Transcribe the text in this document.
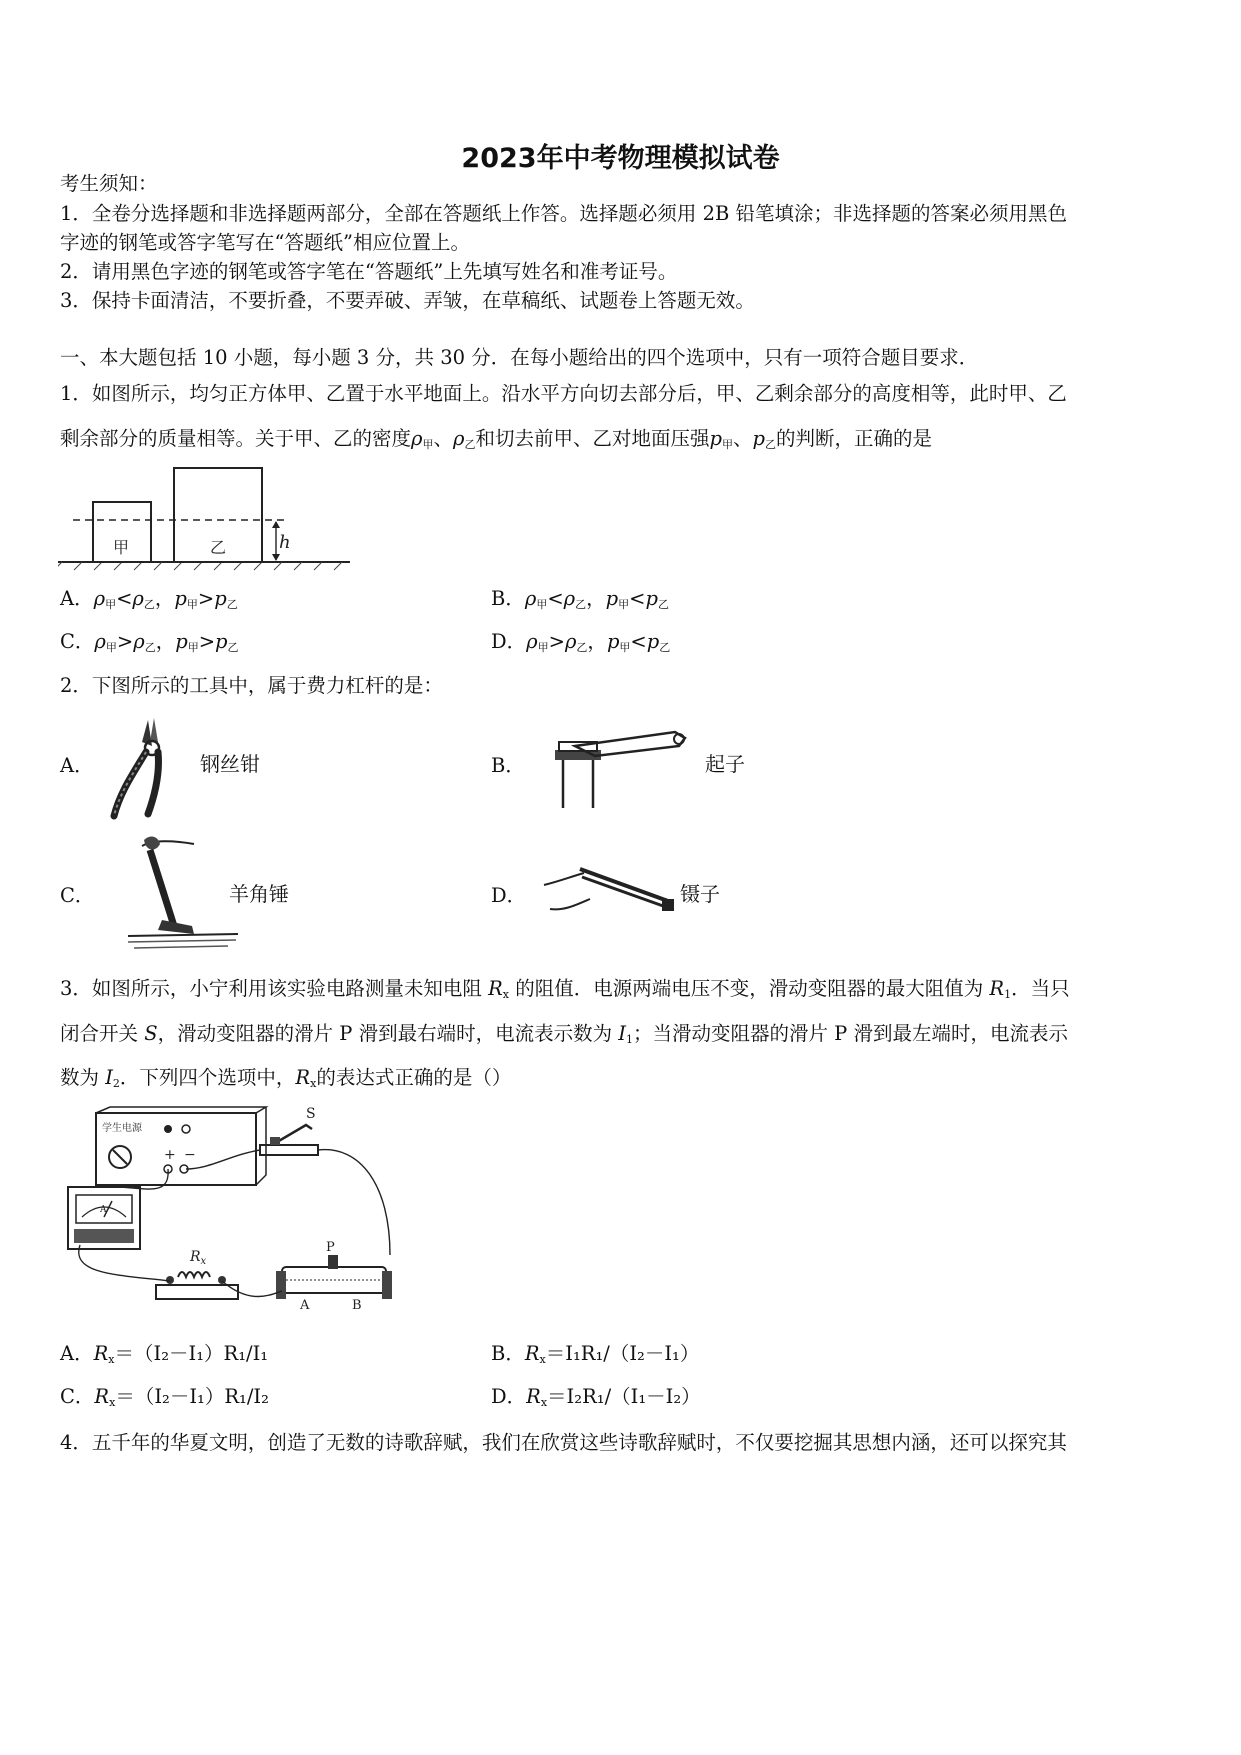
2023年中考物理模拟试卷
考生须知：
1．全卷分选择题和非选择题两部分，全部在答题纸上作答。选择题必须用 2B 铅笔填涂；非选择题的答案必须用黑色
字迹的钢笔或答字笔写在“答题纸”相应位置上。
2．请用黑色字迹的钢笔或答字笔在“答题纸”上先填写姓名和准考证号。
3．保持卡面清洁，不要折叠，不要弄破、弄皱，在草稿纸、试题卷上答题无效。
一、本大题包括 10 小题，每小题 3 分，共 30 分．在每小题给出的四个选项中，只有一项符合题目要求．
1．如图所示，均匀正方体甲、乙置于水平地面上。沿水平方向切去部分后，甲、乙剩余部分的高度相等，此时甲、乙
剩余部分的质量相等。关于甲、乙的密度$\rho_甲$、$\rho_乙$和切去前甲、乙对地面压强$p_甲$、$p_乙$的判断，正确的是
甲	乙	h
A．$\rho_甲<\rho_乙$，$p_甲>p_乙$	B．$\rho_甲<\rho_乙$，$p_甲<p_乙$
C．$\rho_甲>\rho_乙$，$p_甲>p_乙$	D．$\rho_甲>\rho_乙$，$p_甲<p_乙$
2．下图所示的工具中，属于费力杠杆的是：
A．	钢丝钳	B．	起子
C．	羊角锤	D．	镊子
3．如图所示，小宁利用该实验电路测量未知电阻 $R_x$ 的阻值．电源两端电压不变，滑动变阻器的最大阻值为 $R_1$．当只
闭合开关 S，滑动变阻器的滑片 P 滑到最右端时，电流表示数为 $I_1$；当滑动变阻器的滑片 P 滑到最左端时，电流表示
数为 $I_2$．下列四个选项中，$R_x$的表达式正确的是（）
学生电源
+ −
S
A
$R_x$
P
A	B
A．$R_x=(I_2-I_1)R_1/I_1$	B．$R_x=I_1R_1/(I_2-I_1)$
C．$R_x=(I_2-I_1)R_1/I_2$	D．$R_x=I_2R_1/(I_1-I_2)$
4．五千年的华夏文明，创造了无数的诗歌辞赋，我们在欣赏这些诗歌辞赋时，不仅要挖掘其思想内涵，还可以探究其
